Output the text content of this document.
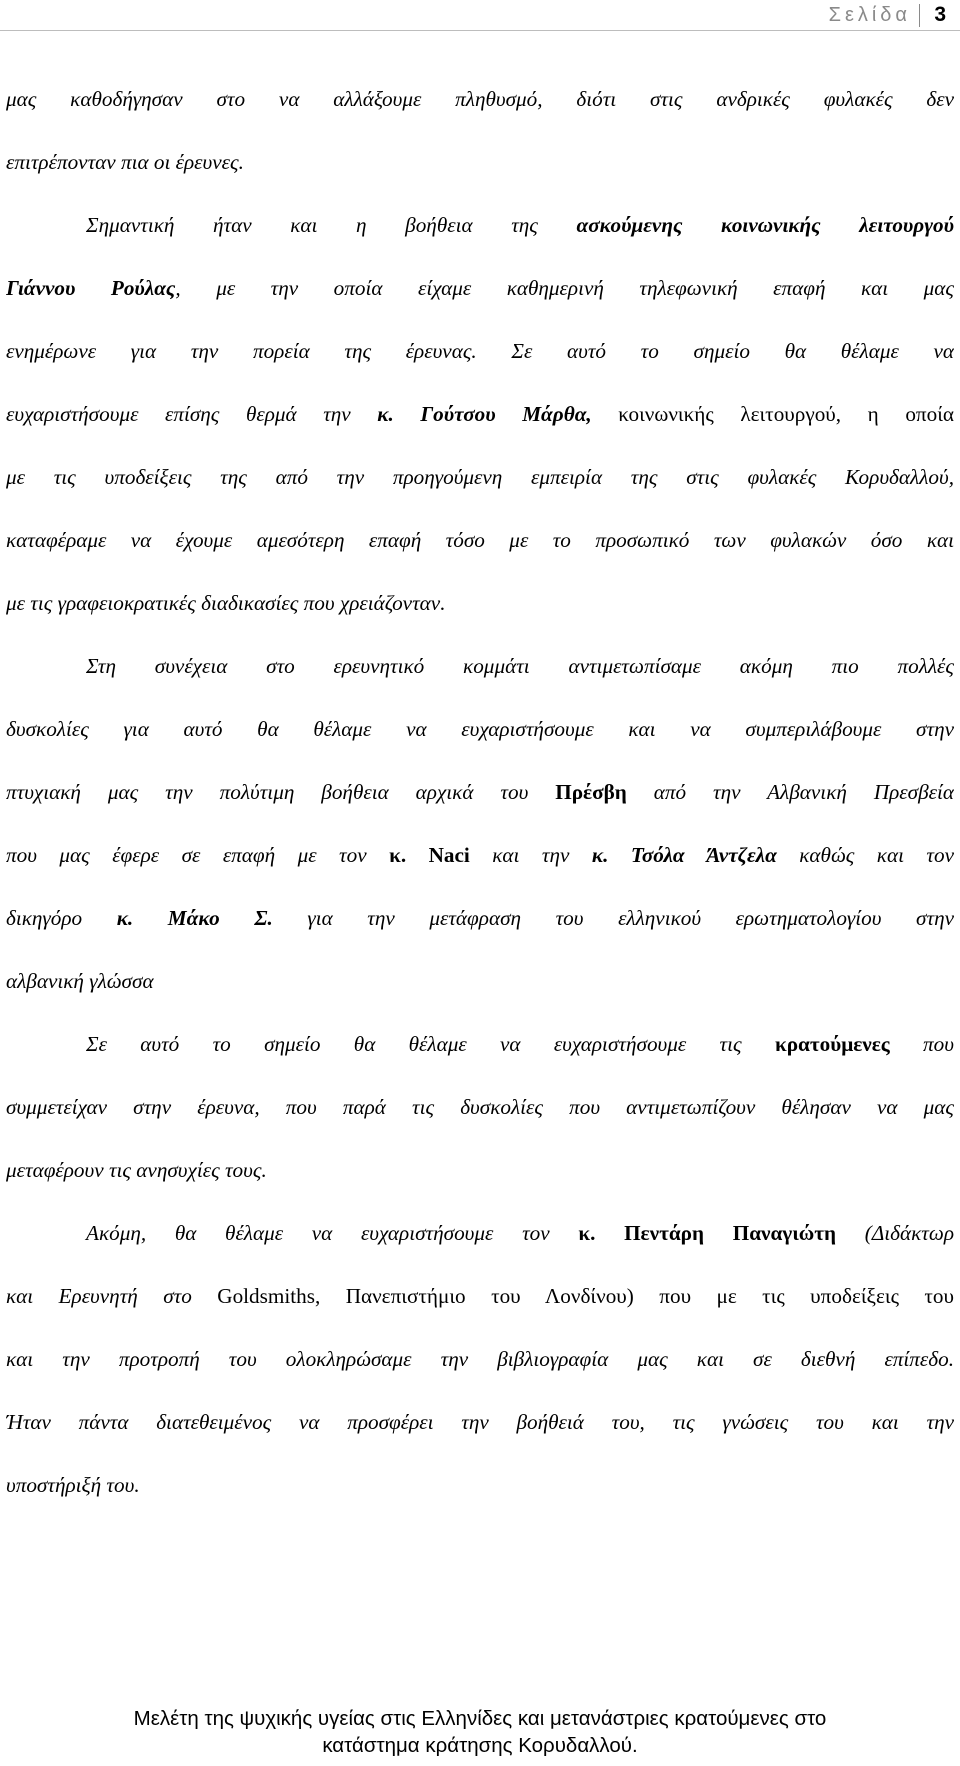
Σελίδα	3
μας καθοδήγησαν στο να αλλάξουμε πληθυσμό, διότι στις ανδρικές φυλακές δεν
επιτρέπονταν πια οι έρευνες.
Σημαντική ήταν και η βοήθεια της ασκούμενης κοινωνικής λειτουργού
Γιάννου Ρούλας, με την οποία είχαμε καθημερινή τηλεφωνική επαφή και μας
ενημέρωνε για την πορεία της έρευνας. Σε αυτό το σημείο θα θέλαμε να
ευχαριστήσουμε επίσης θερμά την κ. Γούτσου Μάρθα, κοινωνικής λειτουργού, η οποία
με τις υποδείξεις της από την προηγούμενη εμπειρία της στις φυλακές Κορυδαλλού,
καταφέραμε να έχουμε αμεσότερη επαφή τόσο με το προσωπικό των φυλακών όσο και
με τις γραφειοκρατικές διαδικασίες που χρειάζονταν.
Στη συνέχεια στο ερευνητικό κομμάτι αντιμετωπίσαμε ακόμη πιο πολλές
δυσκολίες για αυτό θα θέλαμε να ευχαριστήσουμε και να συμπεριλάβουμε στην
πτυχιακή μας την πολύτιμη βοήθεια αρχικά του Πρέσβη από την Αλβανική Πρεσβεία
που μας έφερε σε επαφή με τον κ. Naci και την κ. Τσόλα Άντζελα καθώς και τον
δικηγόρο κ. Μάκο Σ. για την μετάφραση του ελληνικού ερωτηματολογίου στην
αλβανική γλώσσα
Σε αυτό το σημείο θα θέλαμε να ευχαριστήσουμε τις κρατούμενες που
συμμετείχαν στην έρευνα, που παρά τις δυσκολίες που αντιμετωπίζουν θέλησαν να μας
μεταφέρουν τις ανησυχίες τους.
Ακόμη, θα θέλαμε να ευχαριστήσουμε τον κ. Πεντάρη Παναγιώτη (Διδάκτωρ
και Ερευνητή στο Goldsmiths, Πανεπιστήμιο του Λονδίνου) που με τις υποδείξεις του
και την προτροπή του ολοκληρώσαμε την βιβλιογραφία μας και σε διεθνή επίπεδο.
Ήταν πάντα διατεθειμένος να προσφέρει την βοήθειά του, τις γνώσεις του και την
υποστήριξή του.
Μελέτη της ψυχικής υγείας στις Ελληνίδες και μετανάστριες κρατούμενες στο
κατάστημα κράτησης Κορυδαλλού.
